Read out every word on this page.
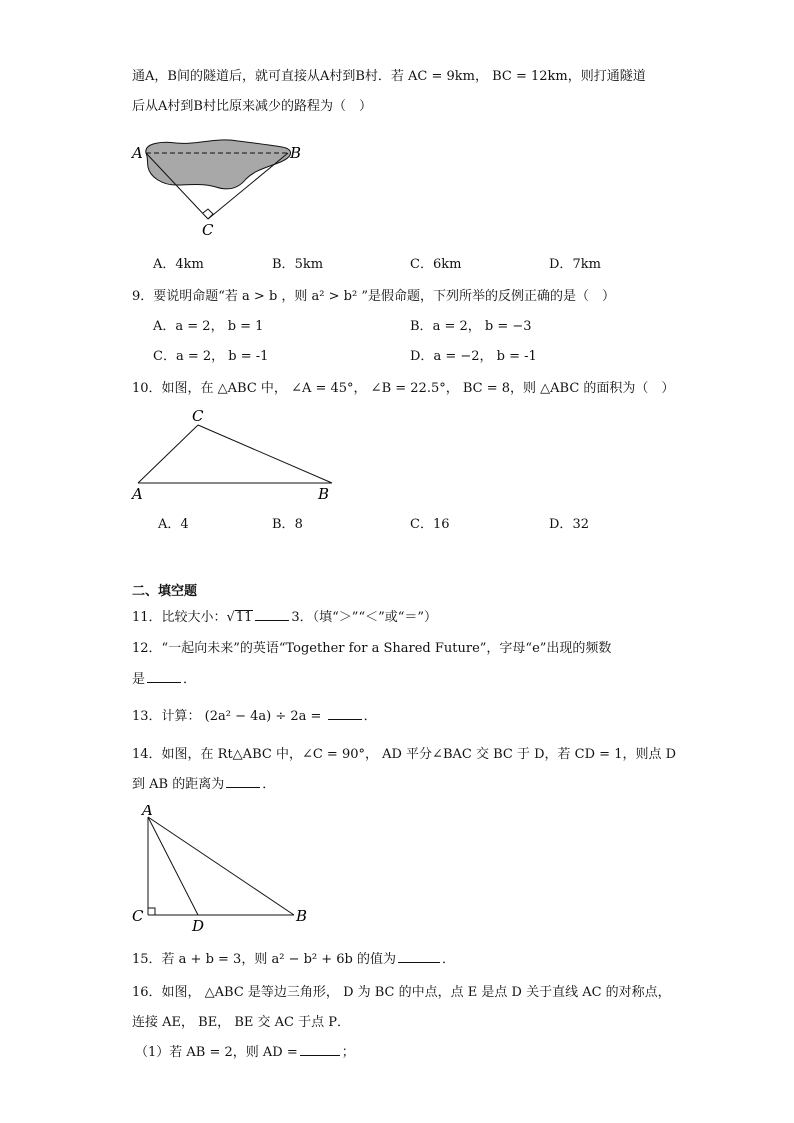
通A，B间的隧道后，就可直接从A村到B村．若 AC = 9km， BC = 12km，则打通隧道
后从A村到B村比原来减少的路程为（　）
A	B
C
A．4km	B．5km	C．6km	D．7km
9．要说明命题“若 a > b ，则 a² > b² ”是假命题，下列所举的反例正确的是（　）
A．a = 2， b = 1	B．a = 2， b = −3
C．a = 2， b = -1	D．a = −2， b = -1
10．如图，在 △ABC 中， ∠A = 45°， ∠B = 22.5°， BC = 8，则 △ABC 的面积为（　）
A	B
C
A．4	B．8	C．16	D．32
二、填空题
11．比较大小：√11	3．（填“＞”“＜”或“＝”）
12．“一起向未来”的英语“Together for a Shared Future”，字母“e”出现的频数
是	．
13．计算： (2a² − 4a) ÷ 2a =	．
14．如图，在 Rt△ABC 中，∠C = 90°， AD 平分∠BAC 交 BC 于 D，若 CD = 1，则点 D
到 AB 的距离为	．
A
C
D
B
15．若 a + b = 3，则 a² − b² + 6b 的值为	．
16．如图， △ABC 是等边三角形， D 为 BC 的中点，点 E 是点 D 关于直线 AC 的对称点，
连接 AE， BE， BE 交 AC 于点 P．
（1）若 AB = 2，则 AD =	；
